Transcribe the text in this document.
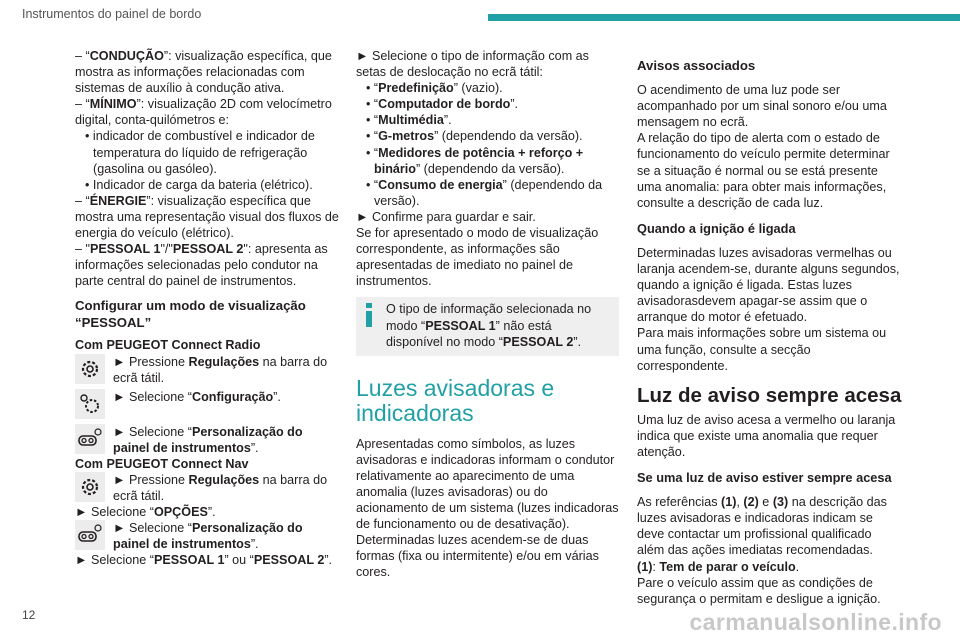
Instrumentos do painel de bordo

– “CONDUÇÃO”: visualização específica, que mostra as informações relacionadas com sistemas de auxílio à condução ativa.

– “MÍNIMO”: visualização 2D com velocímetro digital, conta-quilómetros e:

• indicador de combustível e indicador de temperatura do líquido de refrigeração (gasolina ou gasóleo).

• Indicador de carga da bateria (elétrico).

– “ÉNERGIE”: visualização específica que mostra uma representação visual dos fluxos de energia do veículo (elétrico).

– "PESSOAL 1"/"PESSOAL 2": apresenta as informações selecionadas pelo condutor na parte central do painel de instrumentos.

Configurar um modo de visualização “PESSOAL”
Com PEUGEOT Connect Radio
► Pressione Regulações na barra do ecrã tátil.
► Selecione “Configuração”.
► Selecione “Personalização do painel de instrumentos”.
Com PEUGEOT Connect Nav
► Pressione Regulações na barra do ecrã tátil.

► Selecione “OPÇÕES”.

► Selecione “Personalização do painel de instrumentos”.

► Selecione “PESSOAL 1” ou “PESSOAL 2”.

► Selecione o tipo de informação com as setas de deslocação no ecrã tátil:

• “Predefinição” (vazio).

• “Computador de bordo”.

• “Multimédia”.

• “G-metros” (dependendo da versão).

• “Medidores de potência + reforço + binário” (dependendo da versão).

• “Consumo de energia” (dependendo da versão).

► Confirme para guardar e sair.

Se for apresentado o modo de visualização correspondente, as informações são apresentadas de imediato no painel de instrumentos.

O tipo de informação selecionada no modo “PESSOAL 1” não está disponível no modo “PESSOAL 2”.

Luzes avisadoras e indicadoras

Apresentadas como símbolos, as luzes avisadoras e indicadoras informam o condutor relativamente ao aparecimento de uma anomalia (luzes avisadoras) ou do acionamento de um sistema (luzes indicadoras de funcionamento ou de desativação). Determinadas luzes acendem-se de duas formas (fixa ou intermitente) e/ou em várias cores.

Avisos associados

O acendimento de uma luz pode ser acompanhado por um sinal sonoro e/ou uma mensagem no ecrã.

A relação do tipo de alerta com o estado de funcionamento do veículo permite determinar se a situação é normal ou se está presente uma anomalia: para obter mais informações, consulte a descrição de cada luz.

Quando a ignição é ligada

Determinadas luzes avisadoras vermelhas ou laranja acendem-se, durante alguns segundos, quando a ignição é ligada. Estas luzes avisadorasdevem apagar-se assim que o arranque do motor é efetuado.

Para mais informações sobre um sistema ou uma função, consulte a secção correspondente.

Luz de aviso sempre acesa

Uma luz de aviso acesa a vermelho ou laranja indica que existe uma anomalia que requer atenção.

Se uma luz de aviso estiver sempre acesa

As referências (1), (2) e (3) na descrição das luzes avisadoras e indicadoras indicam se deve contactar um profissional qualificado além das ações imediatas recomendadas.

(1): Tem de parar o veículo.

Pare o veículo assim que as condições de segurança o permitam e desligue a ignição.

12	carmanualsonline.info
